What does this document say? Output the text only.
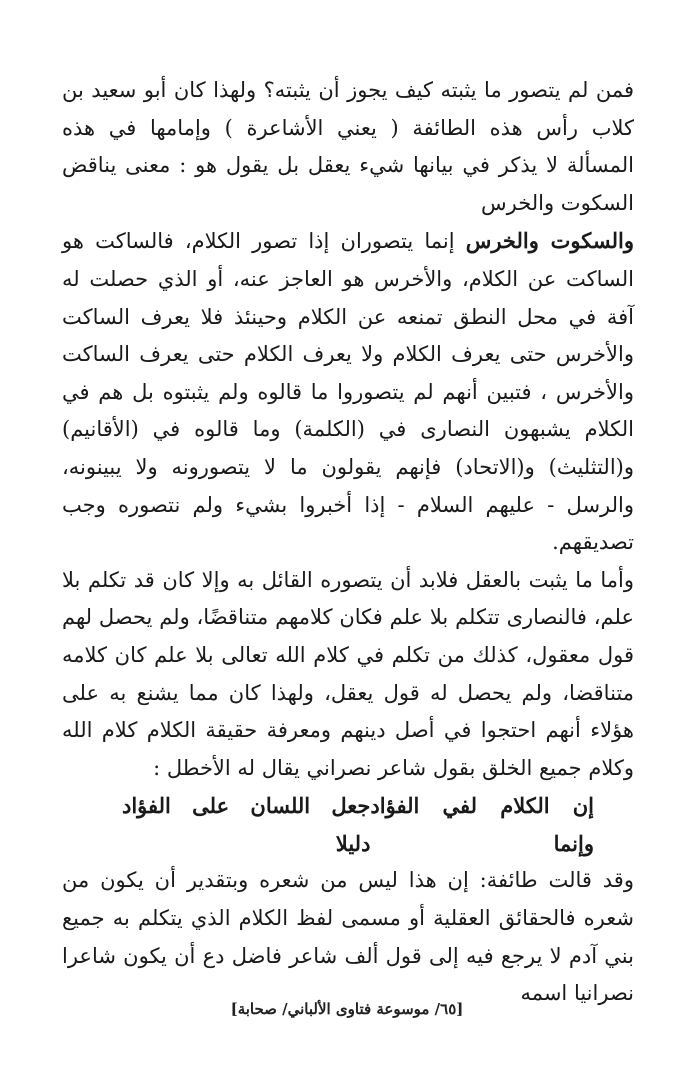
فمن لم يتصور ما يثبته كيف يجوز أن يثبته؟ ولهذا كان أبو سعيد بن كلاب رأس هذه الطائفة ( يعني الأشاعرة ) وإمامها في هذه المسألة لا يذكر في بيانها شيء يعقل بل يقول هو : معنى يناقض السكوت والخرس

والسكوت والخرس إنما يتصوران إذا تصور الكلام، فالساكت هو الساكت عن الكلام، والأخرس هو العاجز عنه، أو الذي حصلت له آفة في محل النطق تمنعه عن الكلام وحينئذ فلا يعرف الساكت والأخرس حتى يعرف الكلام ولا يعرف الكلام حتى يعرف الساكت والأخرس ، فتبين أنهم لم يتصوروا ما قالوه ولم يثبتوه بل هم في الكلام يشبهون النصارى في (الكلمة) وما قالوه في (الأقانيم) و(التثليث) و(الاتحاد) فإنهم يقولون ما لا يتصورونه ولا يبينونه، والرسل - عليهم السلام - إذا أخبروا بشيء ولم نتصوره وجب تصديقهم.

وأما ما يثبت بالعقل فلابد أن يتصوره القائل به وإلا كان قد تكلم بلا علم، فالنصارى تتكلم بلا علم فكان كلامهم متناقضًا، ولم يحصل لهم قول معقول، كذلك من تكلم في كلام الله تعالى بلا علم كان كلامه متناقضا، ولم يحصل له قول يعقل، ولهذا كان مما يشنع به على هؤلاء أنهم احتجوا في أصل دينهم ومعرفة حقيقة الكلام كلام الله وكلام جميع الخلق بقول شاعر نصراني يقال له الأخطل :

إن الكلام لفي الفؤاد وإنما
جعل اللسان على الفؤاد دليلا

وقد قالت طائفة: إن هذا ليس من شعره وبتقدير أن يكون من شعره فالحقائق العقلية أو مسمى لفظ الكلام الذي يتكلم به جميع بني آدم لا يرجع فيه إلى قول ألف شاعر فاضل دع أن يكون شاعرا نصرانيا اسمه

[٦٥/ موسوعة فتاوى الألباني/ صحابة]
